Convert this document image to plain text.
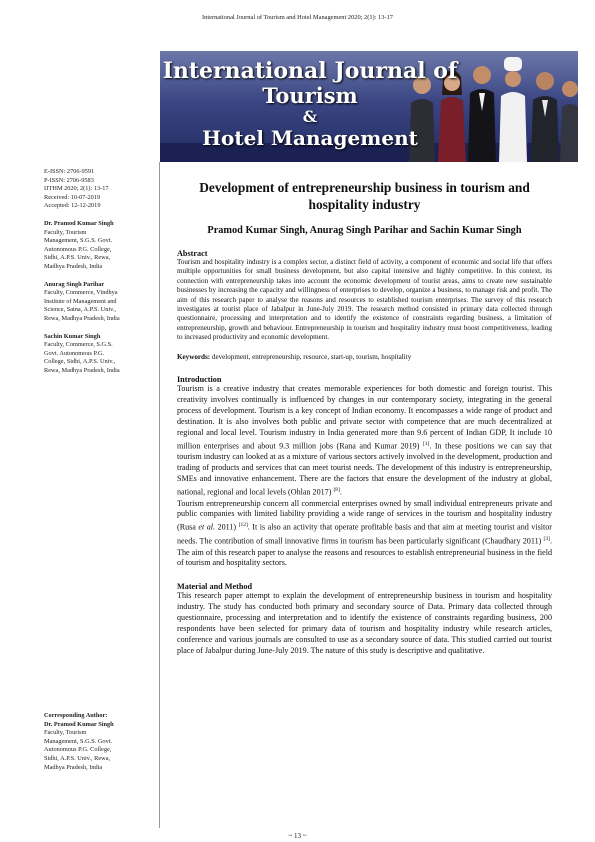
International Journal of Tourism and Hotel Management 2020; 2(1): 13-17
International Journal of
Tourism
&
Hotel Management
E-ISSN: 2706-9591
P-ISSN: 2706-9583
IJTHM 2020; 2(1): 13-17
Received: 10-07-2019
Accepted: 12-12-2019
Dr. Pramod Kumar Singh
Faculty, Tourism
Management, S.G.S. Govt.
Autonomous P.G. College,
Sidhi, A.P.S. Univ., Rewa,
Madhya Pradesh, India
Anurag Singh Parihar
Faculty, Commerce, Vindhya
Institute of Management and
Science, Satna, A.P.S. Univ.,
Rewa, Madhya Pradesh, India
Sachin Kumar Singh
Faculty, Commerce, S.G.S.
Govt. Autonomous P.G.
College, Sidhi, A.P.S. Univ.,
Rewa, Madhya Pradesh, India
Corresponding Author:
Dr. Pramod Kumar Singh
Faculty, Tourism
Management, S.G.S. Govt.
Autonomous P.G. College,
Sidhi, A.P.S. Univ., Rewa,
Madhya Pradesh, India
Development of entrepreneurship business in tourism and hospitality industry
Pramod Kumar Singh, Anurag Singh Parihar and Sachin Kumar Singh
Abstract
Tourism and hospitality industry is a complex sector, a distinct field of activity, a component of economic and social life that offers multiple opportunities for small business development, but also capital intensive and highly competitive. In this context, its connection with entrepreneurship takes into account the economic development of tourist areas, aims to create new sustainable businesses by increasing the capacity and willingness of enterprises to develop, organize a business, to manage risk and profit. The aim of this research paper to analyse the reasons and resources to established tourism enterprises. The survey of this research investigates at tourist place of Jabalpur in June-July 2019. The research method consisted in primary data collected through questionnaire, processing and interpretation and to identify the existence of constraints regarding business, a limitation of entrepreneurship, growth and behaviour. Entrepreneurship in tourism and hospitality industry must boost competitiveness, leading to increased productivity and economic development.
Keywords: development, entrepreneurship, resource, start-up, tourism, hospitality
Introduction
Tourism is a creative industry that creates memorable experiences for both domestic and foreign tourist. This creativity involves continually is influenced by changes in our contemporary society, integrating in the general process of development. Tourism is a key concept of Indian economy. It encompasses a wide range of product and destination. It is also involves both public and private sector with competence that are much decentralized at regional and local level. Tourism industry in India generated more than 9.6 percent of Indian GDP, It include 10 million enterprises and about 9.3 million jobs (Rana and Kumar 2019) [1]. In these positions we can say that tourism industry can looked at as a mixture of various sectors actively involved in the development, production and trading of products and services that can meet tourist needs. The development of this industry is entrepreneurship, SMEs and innovative enhancement. There are the factors that ensure the development of the industry at global, national, regional and local levels (Ohlan 2017) [8].
Tourism entrepreneurship concern all commercial enterprises owned by small individual entrepreneurs private and public companies with limited liability providing a wide range of services in the tourism and hospitality industry (Rusa et al. 2011) [12]. It is also an activity that operate profitable basis and that aim at meeting tourist and visitor needs. The contribution of small innovative firms in tourism has been particularly significant (Chaudhary 2011) [3]. The aim of this research paper to analyse the reasons and resources to establish entrepreneurial business in the field of tourism and hospitality sectors.
Material and Method
This research paper attempt to explain the development of entrepreneurship business in tourism and hospitality industry. The study has conducted both primary and secondary source of Data. Primary data collected through questionnaire, processing and interpretation and to identify the existence of constraints regarding business, 200 respondents have been selected for primary data of tourism and hospitality industry while research articles, conference and various journals are consulted to use as a secondary source of data. This studied carried out tourist place of Jabalpur during June-July 2019. The nature of this study is descriptive and qualitative.
~ 13 ~
